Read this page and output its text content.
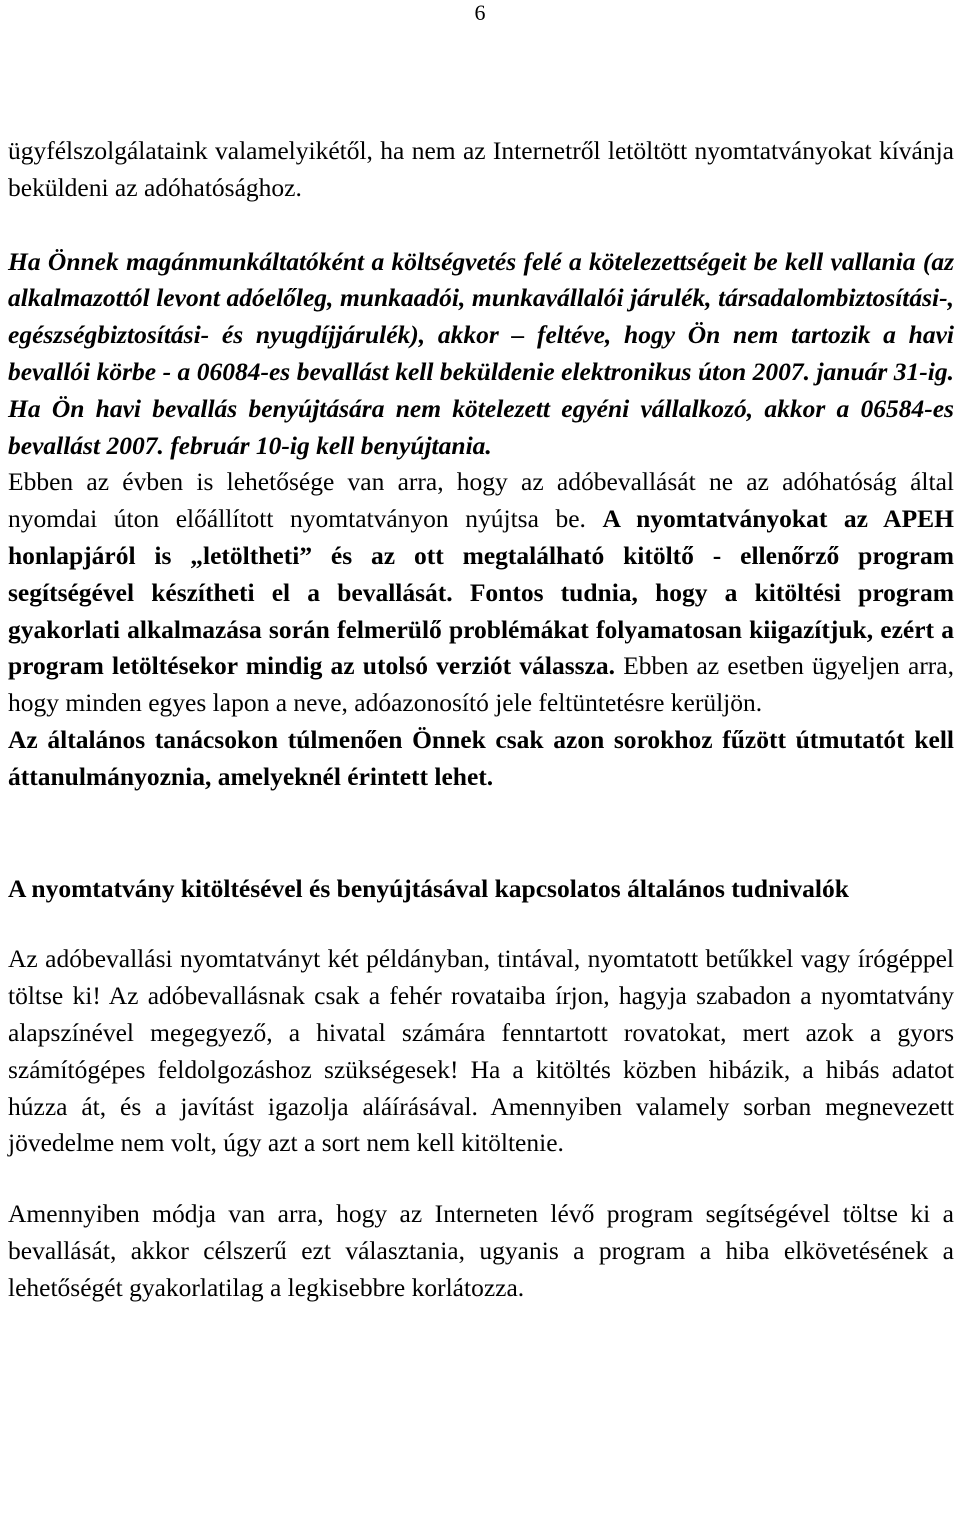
6

ügyfélszolgálataink valamelyikétől, ha nem az Internetről letöltött nyomtatványokat kívánja beküldeni az adóhatósághoz.

Ha Önnek magánmunkáltatóként a költségvetés felé a kötelezettségeit be kell vallania (az alkalmazottól levont adóelőleg, munkaadói, munkavállalói járulék, társadalombiztosítási-, egészségbiztosítási- és nyugdíjjárulék), akkor – feltéve, hogy Ön nem tartozik a havi bevallói körbe - a 06084-es bevallást kell beküldenie elektronikus úton 2007. január 31-ig. Ha Ön havi bevallás benyújtására nem kötelezett egyéni vállalkozó, akkor a 06584-es bevallást 2007. február 10-ig kell benyújtania.

Ebben az évben is lehetősége van arra, hogy az adóbevallását ne az adóhatóság által nyomdai úton előállított nyomtatványon nyújtsa be. A nyomtatványokat az APEH honlapjáról is „letöltheti” és az ott megtalálható kitöltő - ellenőrző program segítségével készítheti el a bevallását. Fontos tudnia, hogy a kitöltési program gyakorlati alkalmazása során felmerülő problémákat folyamatosan kiigazítjuk, ezért a program letöltésekor mindig az utolsó verziót válassza. Ebben az esetben ügyeljen arra, hogy minden egyes lapon a neve, adóazonosító jele feltüntetésre kerüljön.

Az általános tanácsokon túlmenően Önnek csak azon sorokhoz fűzött útmutatót kell áttanulmányoznia, amelyeknél érintett lehet.

A nyomtatvány kitöltésével és benyújtásával kapcsolatos általános tudnivalók

Az adóbevallási nyomtatványt két példányban, tintával, nyomtatott betűkkel vagy írógéppel töltse ki! Az adóbevallásnak csak a fehér rovataiba írjon, hagyja szabadon a nyomtatvány alapszínével megegyező, a hivatal számára fenntartott rovatokat, mert azok a gyors számítógépes feldolgozáshoz szükségesek! Ha a kitöltés közben hibázik, a hibás adatot húzza át, és a javítást igazolja aláírásával. Amennyiben valamely sorban megnevezett jövedelme nem volt, úgy azt a sort nem kell kitöltenie.

Amennyiben módja van arra, hogy az Interneten lévő program segítségével töltse ki a bevallását, akkor célszerű ezt választania, ugyanis a program a hiba elkövetésének a lehetőségét gyakorlatilag a legkisebbre korlátozza.
